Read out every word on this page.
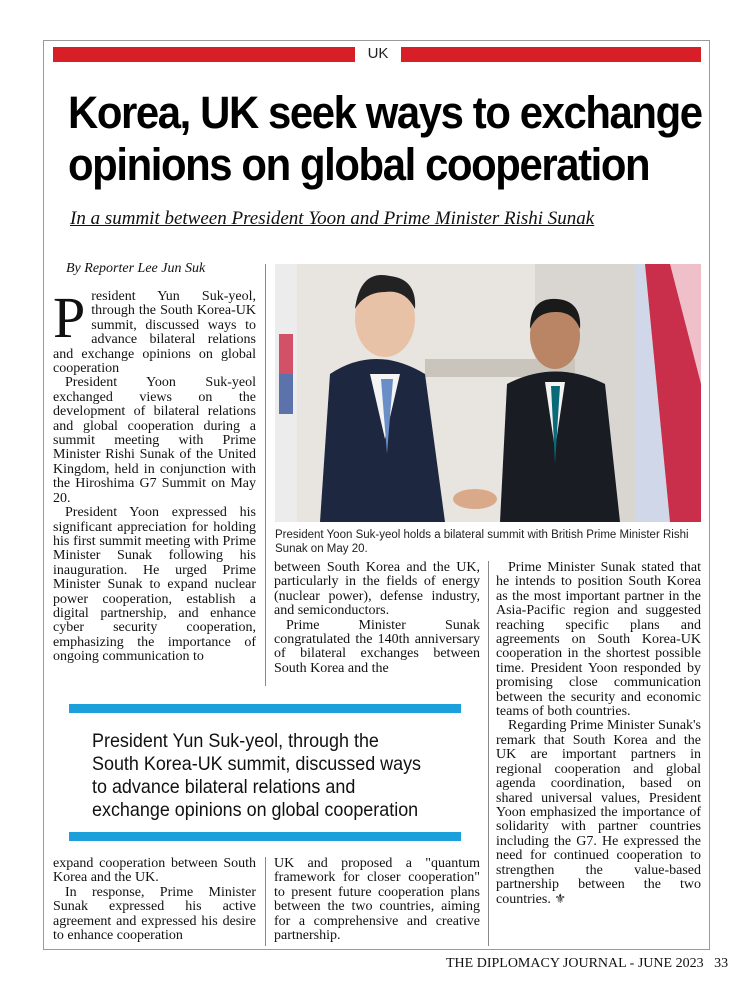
UK
Korea, UK seek ways to exchange
opinions on global cooperation
In a summit between President Yoon and Prime Minister Rishi Sunak
By Reporter Lee Jun Suk

President Yun Suk-yeol, through the South Korea-UK summit, discussed ways to advance bilateral relations and exchange opinions on global cooperation

President Yoon Suk-yeol exchanged views on the development of bilateral relations and global cooperation during a summit meeting with Prime Minister Rishi Sunak of the United Kingdom, held in conjunction with the Hiroshima G7 Summit on May 20.

President Yoon expressed his significant appreciation for holding his first summit meeting with Prime Minister Sunak following his inauguration. He urged Prime Minister Sunak to expand nuclear power cooperation, establish a digital partnership, and enhance cyber security cooperation, emphasizing the importance of ongoing communication to

President Yoon Suk-yeol holds a bilateral summit with British Prime Minister Rishi Sunak on May 20.

between South Korea and the UK, particularly in the fields of energy (nuclear power), defense industry, and semiconductors.

Prime Minister Sunak congratulated the 140th anniversary of bilateral exchanges between South Korea and the

Prime Minister Sunak stated that he intends to position South Korea as the most important partner in the Asia-Pacific region and suggested reaching specific plans and agreements on South Korea-UK cooperation in the shortest possible time. President Yoon responded by promising close communication between the security and economic teams of both countries.

Regarding Prime Minister Sunak's remark that South Korea and the UK are important partners in regional cooperation and global agenda coordination, based on shared universal values, President Yoon emphasized the importance of solidarity with partner countries including the G7. He expressed the need for continued cooperation to strengthen the value-based partnership between the two countries. ⚜

President Yun Suk-yeol, through the South Korea-UK summit, discussed ways to advance bilateral relations and exchange opinions on global cooperation

expand cooperation between South Korea and the UK.

In response, Prime Minister Sunak expressed his active agreement and expressed his desire to enhance cooperation

UK and proposed a "quantum framework for closer cooperation" to present future cooperation plans between the two countries, aiming for a comprehensive and creative partnership.

THE DIPLOMACY JOURNAL - JUNE 2023 33
